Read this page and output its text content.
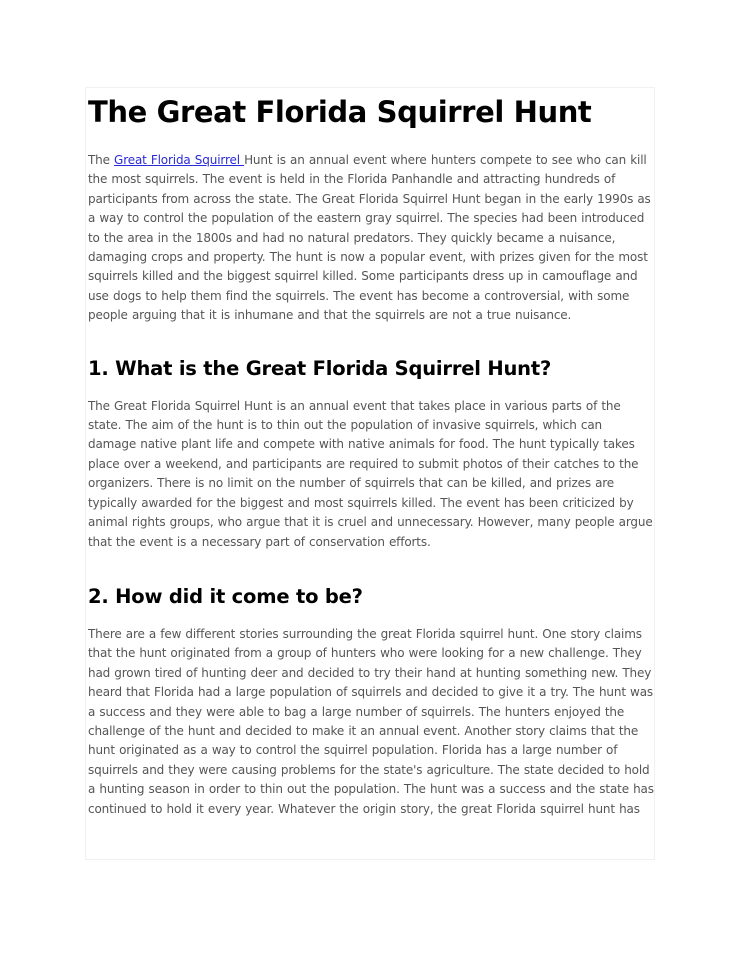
The Great Florida Squirrel Hunt

The Great Florida Squirrel Hunt is an annual event where hunters compete to see who can kill the most squirrels. The event is held in the Florida Panhandle and attracting hundreds of participants from across the state. The Great Florida Squirrel Hunt began in the early 1990s as a way to control the population of the eastern gray squirrel. The species had been introduced to the area in the 1800s and had no natural predators. They quickly became a nuisance, damaging crops and property. The hunt is now a popular event, with prizes given for the most squirrels killed and the biggest squirrel killed. Some participants dress up in camouflage and use dogs to help them find the squirrels. The event has become a controversial, with some people arguing that it is inhumane and that the squirrels are not a true nuisance.

1. What is the Great Florida Squirrel Hunt?

The Great Florida Squirrel Hunt is an annual event that takes place in various parts of the state. The aim of the hunt is to thin out the population of invasive squirrels, which can damage native plant life and compete with native animals for food. The hunt typically takes place over a weekend, and participants are required to submit photos of their catches to the organizers. There is no limit on the number of squirrels that can be killed, and prizes are typically awarded for the biggest and most squirrels killed. The event has been criticized by animal rights groups, who argue that it is cruel and unnecessary. However, many people argue that the event is a necessary part of conservation efforts.

2. How did it come to be?

There are a few different stories surrounding the great Florida squirrel hunt. One story claims that the hunt originated from a group of hunters who were looking for a new challenge. They had grown tired of hunting deer and decided to try their hand at hunting something new. They heard that Florida had a large population of squirrels and decided to give it a try. The hunt was a success and they were able to bag a large number of squirrels. The hunters enjoyed the challenge of the hunt and decided to make it an annual event. Another story claims that the hunt originated as a way to control the squirrel population. Florida has a large number of squirrels and they were causing problems for the state's agriculture. The state decided to hold a hunting season in order to thin out the population. The hunt was a success and the state has continued to hold it every year. Whatever the origin story, the great Florida squirrel hunt has
